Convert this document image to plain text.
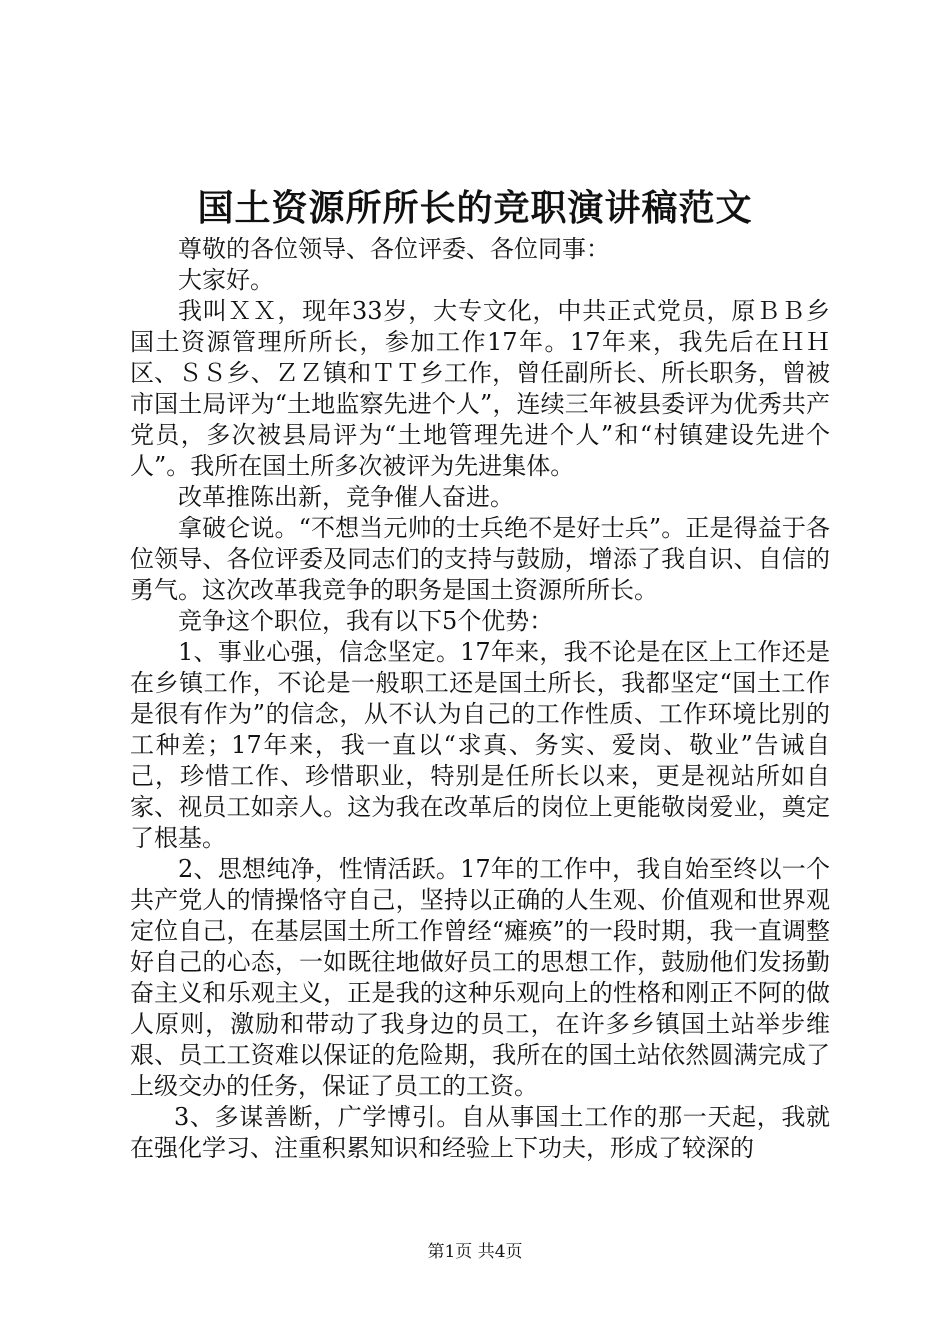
国土资源所所长的竞职演讲稿范文

尊敬的各位领导、各位评委、各位同事：

大家好。

我叫ＸＸ，现年33岁，大专文化，中共正式党员，原ＢＢ乡国土资源管理所所长，参加工作17年。17年来，我先后在ＨＨ区、ＳＳ乡、ＺＺ镇和ＴＴ乡工作，曾任副所长、所长职务，曾被市国土局评为“土地监察先进个人”，连续三年被县委评为优秀共产党员，多次被县局评为“土地管理先进个人”和“村镇建设先进个人”。我所在国土所多次被评为先进集体。

改革推陈出新，竞争催人奋进。

拿破仑说。“不想当元帅的士兵绝不是好士兵”。正是得益于各位领导、各位评委及同志们的支持与鼓励，增添了我自识、自信的勇气。这次改革我竞争的职务是国土资源所所长。

竞争这个职位，我有以下5个优势：

1、事业心强，信念坚定。17年来，我不论是在区上工作还是在乡镇工作，不论是一般职工还是国土所长，我都坚定“国土工作是很有作为”的信念，从不认为自己的工作性质、工作环境比别的工种差；17年来，我一直以“求真、务实、爱岗、敬业”告诫自己，珍惜工作、珍惜职业，特别是任所长以来，更是视站所如自家、视员工如亲人。这为我在改革后的岗位上更能敬岗爱业，奠定了根基。

2、思想纯净，性情活跃。17年的工作中，我自始至终以一个共产党人的情操恪守自己，坚持以正确的人生观、价值观和世界观定位自己，在基层国土所工作曾经“瘫痪”的一段时期，我一直调整好自己的心态，一如既往地做好员工的思想工作，鼓励他们发扬勤奋主义和乐观主义，正是我的这种乐观向上的性格和刚正不阿的做人原则，激励和带动了我身边的员工，在许多乡镇国土站举步维艰、员工工资难以保证的危险期，我所在的国土站依然圆满完成了上级交办的任务，保证了员工的工资。

3、多谋善断，广学博引。自从事国土工作的那一天起，我就在强化学习、注重积累知识和经验上下功夫，形成了较深的

第1页 共4页
